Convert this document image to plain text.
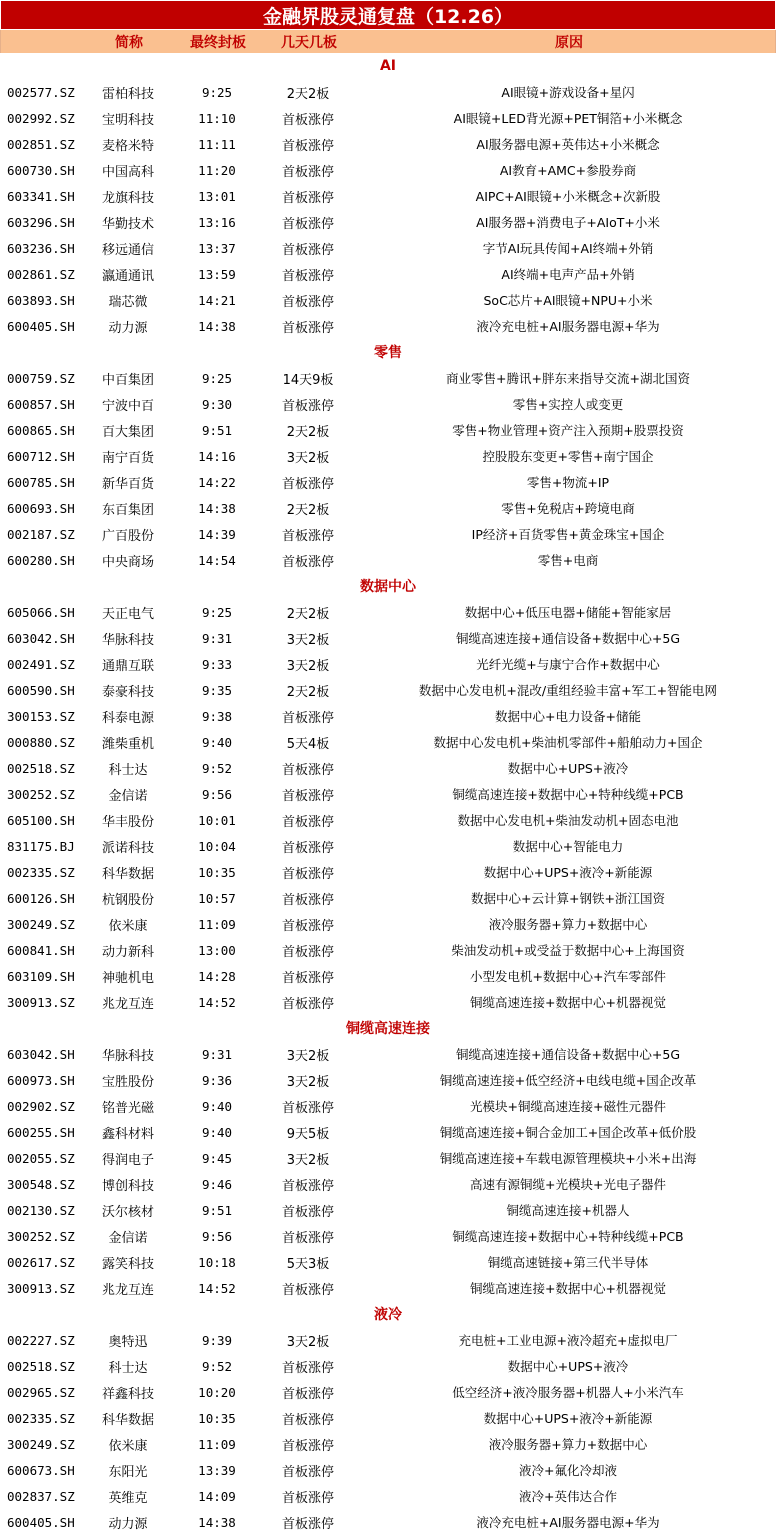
金融界股灵通复盘（12.26）
简称	最终封板	几天几板	原因
AI
002577.SZ	雷柏科技	9:25	2天2板	AI眼镜+游戏设备+星闪
002992.SZ	宝明科技	11:10	首板涨停	AI眼镜+LED背光源+PET铜箔+小米概念
002851.SZ	麦格米特	11:11	首板涨停	AI服务器电源+英伟达+小米概念
600730.SH	中国高科	11:20	首板涨停	AI教育+AMC+参股券商
603341.SH	龙旗科技	13:01	首板涨停	AIPC+AI眼镜+小米概念+次新股
603296.SH	华勤技术	13:16	首板涨停	AI服务器+消费电子+AIoT+小米
603236.SH	移远通信	13:37	首板涨停	字节AI玩具传闻+AI终端+外销
002861.SZ	瀛通通讯	13:59	首板涨停	AI终端+电声产品+外销
603893.SH	瑞芯微	14:21	首板涨停	SoC芯片+AI眼镜+NPU+小米
600405.SH	动力源	14:38	首板涨停	液冷充电桩+AI服务器电源+华为
零售
000759.SZ	中百集团	9:25	14天9板	商业零售+腾讯+胖东来指导交流+湖北国资
600857.SH	宁波中百	9:30	首板涨停	零售+实控人或变更
600865.SH	百大集团	9:51	2天2板	零售+物业管理+资产注入预期+股票投资
600712.SH	南宁百货	14:16	3天2板	控股股东变更+零售+南宁国企
600785.SH	新华百货	14:22	首板涨停	零售+物流+IP
600693.SH	东百集团	14:38	2天2板	零售+免税店+跨境电商
002187.SZ	广百股份	14:39	首板涨停	IP经济+百货零售+黄金珠宝+国企
600280.SH	中央商场	14:54	首板涨停	零售+电商
数据中心
605066.SH	天正电气	9:25	2天2板	数据中心+低压电器+储能+智能家居
603042.SH	华脉科技	9:31	3天2板	铜缆高速连接+通信设备+数据中心+5G
002491.SZ	通鼎互联	9:33	3天2板	光纤光缆+与康宁合作+数据中心
600590.SH	泰豪科技	9:35	2天2板	数据中心发电机+混改/重组经验丰富+军工+智能电网
300153.SZ	科泰电源	9:38	首板涨停	数据中心+电力设备+储能
000880.SZ	潍柴重机	9:40	5天4板	数据中心发电机+柴油机零部件+船舶动力+国企
002518.SZ	科士达	9:52	首板涨停	数据中心+UPS+液冷
300252.SZ	金信诺	9:56	首板涨停	铜缆高速连接+数据中心+特种线缆+PCB
605100.SH	华丰股份	10:01	首板涨停	数据中心发电机+柴油发动机+固态电池
831175.BJ	派诺科技	10:04	首板涨停	数据中心+智能电力
002335.SZ	科华数据	10:35	首板涨停	数据中心+UPS+液冷+新能源
600126.SH	杭钢股份	10:57	首板涨停	数据中心+云计算+钢铁+浙江国资
300249.SZ	依米康	11:09	首板涨停	液冷服务器+算力+数据中心
600841.SH	动力新科	13:00	首板涨停	柴油发动机+或受益于数据中心+上海国资
603109.SH	神驰机电	14:28	首板涨停	小型发电机+数据中心+汽车零部件
300913.SZ	兆龙互连	14:52	首板涨停	铜缆高速连接+数据中心+机器视觉
铜缆高速连接
603042.SH	华脉科技	9:31	3天2板	铜缆高速连接+通信设备+数据中心+5G
600973.SH	宝胜股份	9:36	3天2板	铜缆高速连接+低空经济+电线电缆+国企改革
002902.SZ	铭普光磁	9:40	首板涨停	光模块+铜缆高速连接+磁性元器件
600255.SH	鑫科材料	9:40	9天5板	铜缆高速连接+铜合金加工+国企改革+低价股
002055.SZ	得润电子	9:45	3天2板	铜缆高速连接+车载电源管理模块+小米+出海
300548.SZ	博创科技	9:46	首板涨停	高速有源铜缆+光模块+光电子器件
002130.SZ	沃尔核材	9:51	首板涨停	铜缆高速连接+机器人
300252.SZ	金信诺	9:56	首板涨停	铜缆高速连接+数据中心+特种线缆+PCB
002617.SZ	露笑科技	10:18	5天3板	铜缆高速链接+第三代半导体
300913.SZ	兆龙互连	14:52	首板涨停	铜缆高速连接+数据中心+机器视觉
液冷
002227.SZ	奥特迅	9:39	3天2板	充电桩+工业电源+液冷超充+虚拟电厂
002518.SZ	科士达	9:52	首板涨停	数据中心+UPS+液冷
002965.SZ	祥鑫科技	10:20	首板涨停	低空经济+液冷服务器+机器人+小米汽车
002335.SZ	科华数据	10:35	首板涨停	数据中心+UPS+液冷+新能源
300249.SZ	依米康	11:09	首板涨停	液冷服务器+算力+数据中心
600673.SH	东阳光	13:39	首板涨停	液冷+氟化冷却液
002837.SZ	英维克	14:09	首板涨停	液冷+英伟达合作
600405.SH	动力源	14:38	首板涨停	液冷充电桩+AI服务器电源+华为
